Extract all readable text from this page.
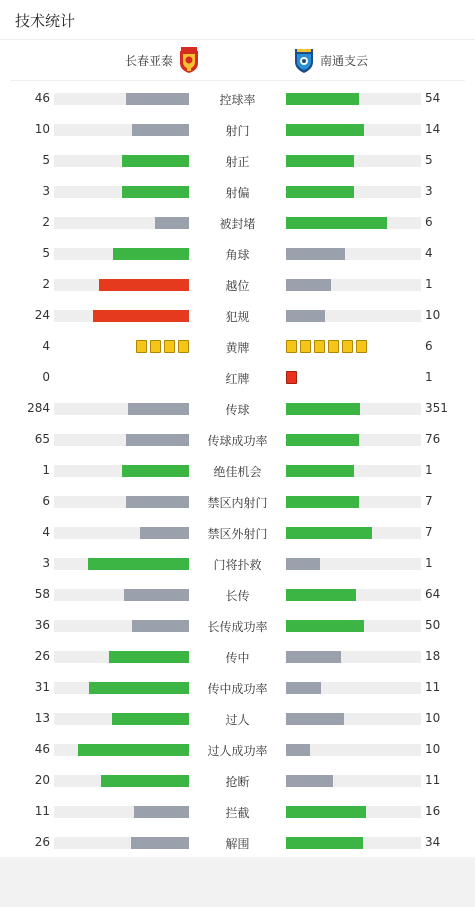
技术统计
长春亚泰	南通支云
46	控球率	54
10	射门	14
5	射正	5
3	射偏	3
2	被封堵	6
5	角球	4
2	越位	1
24	犯规	10
4	黄牌	6
0	红牌	1
284	传球	351
65	传球成功率	76
1	绝佳机会	1
6	禁区内射门	7
4	禁区外射门	7
3	门将扑救	1
58	长传	64
36	长传成功率	50
26	传中	18
31	传中成功率	11
13	过人	10
46	过人成功率	10
20	抢断	11
11	拦截	16
26	解围	34
